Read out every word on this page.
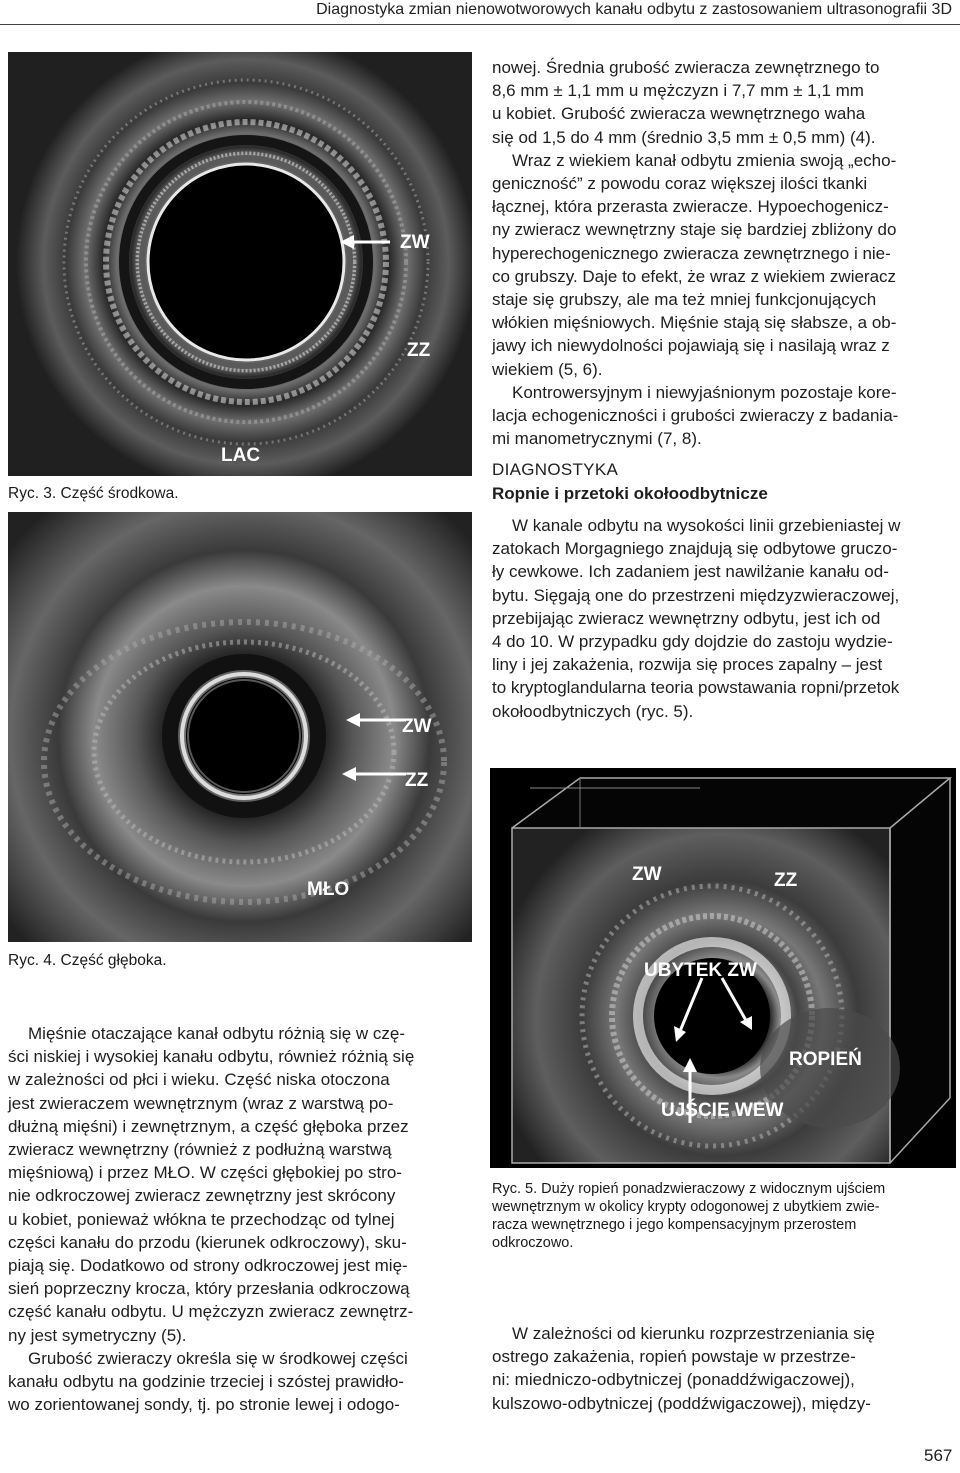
Diagnostyka zmian nienowotworowych kanału odbytu z zastosowaniem ultrasonografii 3D
ZW
ZZ
LAC
Ryc. 3. Część środkowa.
ZW
ZZ
MŁO
Ryc. 4. Część głęboka.
ZW	ZZ
UBYTEK ZW
ROPIEŃ
UJŚCIE WEW
Ryc. 5. Duży ropień ponadzwieraczowy z widocznym ujściem
wewnętrznym w okolicy krypty odogonowej z ubytkiem zwie-
racza wewnętrznego i jego kompensacyjnym przerostem
odkroczowo.
nowej. Średnia grubość zwieracza zewnętrznego to
8,6 mm ± 1,1 mm u mężczyzn i 7,7 mm ± 1,1 mm
u kobiet. Grubość zwieracza wewnętrznego waha
się od 1,5 do 4 mm (średnio 3,5 mm ± 0,5 mm) (4).
Wraz z wiekiem kanał odbytu zmienia swoją „echo-
geniczność” z powodu coraz większej ilości tkanki
łącznej, która przerasta zwieracze. Hypoechogenicz-
ny zwieracz wewnętrzny staje się bardziej zbliżony do
hyperechogenicznego zwieracza zewnętrznego i nie-
co grubszy. Daje to efekt, że wraz z wiekiem zwieracz
staje się grubszy, ale ma też mniej funkcjonujących
włókien mięśniowych. Mięśnie stają się słabsze, a ob-
jawy ich niewydolności pojawiają się i nasilają wraz z
wiekiem (5, 6).
Kontrowersyjnym i niewyjaśnionym pozostaje kore-
lacja echogeniczności i grubości zwieraczy z badania-
mi manometrycznymi (7, 8).
DIAGNOSTYKA
Ropnie i przetoki okołoodbytnicze
W kanale odbytu na wysokości linii grzebieniastej w
zatokach Morgagniego znajdują się odbytowe gruczo-
ły cewkowe. Ich zadaniem jest nawilżanie kanału od-
bytu. Sięgają one do przestrzeni międzyzwieraczowej,
przebijając zwieracz wewnętrzny odbytu, jest ich od
4 do 10. W przypadku gdy dojdzie do zastoju wydzie-
liny i jej zakażenia, rozwija się proces zapalny – jest
to kryptoglandularna teoria powstawania ropni/przetok
okołoodbytniczych (ryc. 5).
W zależności od kierunku rozprzestrzeniania się
ostrego zakażenia, ropień powstaje w przestrze-
ni: miedniczo-odbytniczej (ponaddźwigaczowej),
kulszowo-odbytniczej (poddźwigaczowej), między-
Mięśnie otaczające kanał odbytu różnią się w czę-
ści niskiej i wysokiej kanału odbytu, również różnią się
w zależności od płci i wieku. Część niska otoczona
jest zwieraczem wewnętrznym (wraz z warstwą po-
dłużną mięśni) i zewnętrznym, a część głęboka przez
zwieracz wewnętrzny (również z podłużną warstwą
mięśniową) i przez MŁO. W części głębokiej po stro-
nie odkroczowej zwieracz zewnętrzny jest skrócony
u kobiet, ponieważ włókna te przechodząc od tylnej
części kanału do przodu (kierunek odkroczowy), sku-
piają się. Dodatkowo od strony odkroczowej jest mię-
sień poprzeczny krocza, który przesłania odkroczową
część kanału odbytu. U mężczyzn zwieracz zewnętrz-
ny jest symetryczny (5).
Grubość zwieraczy określa się w środkowej części
kanału odbytu na godzinie trzeciej i szóstej prawidło-
wo zorientowanej sondy, tj. po stronie lewej i odogo-
567
